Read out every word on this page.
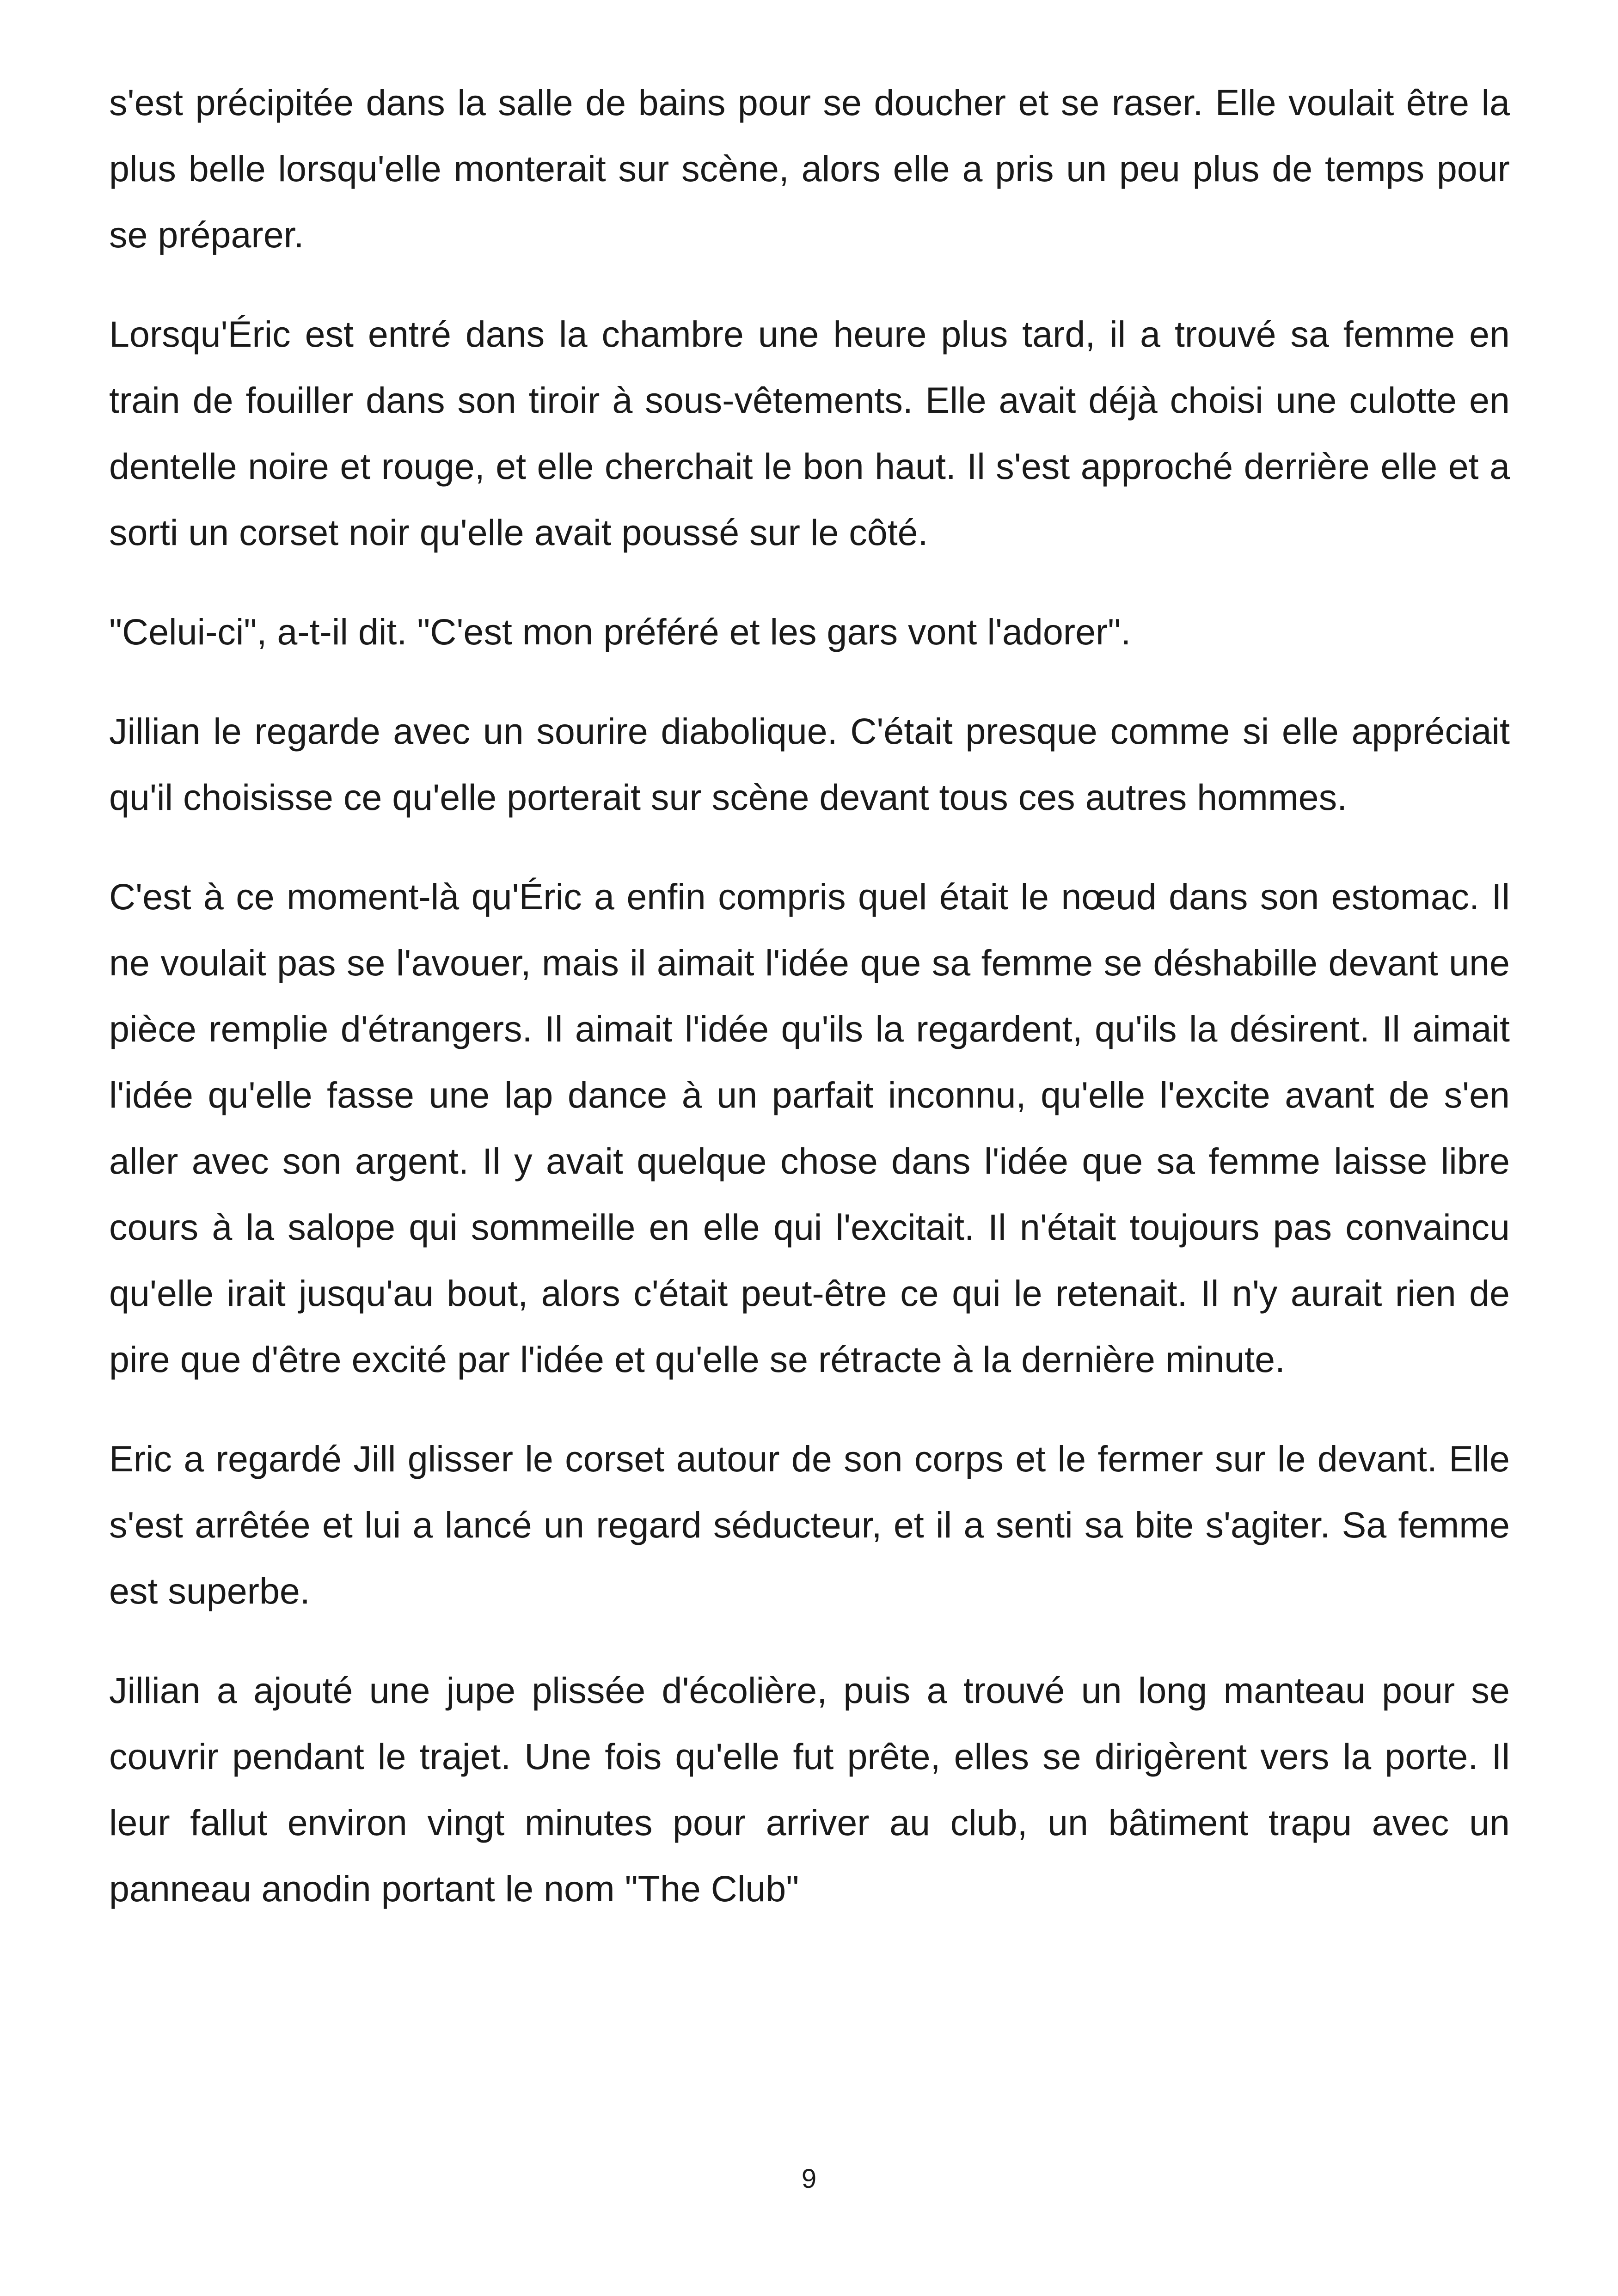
s'est précipitée dans la salle de bains pour se doucher et se raser. Elle voulait être la plus belle lorsqu'elle monterait sur scène, alors elle a pris un peu plus de temps pour se préparer.

Lorsqu'Éric est entré dans la chambre une heure plus tard, il a trouvé sa femme en train de fouiller dans son tiroir à sous-vêtements. Elle avait déjà choisi une culotte en dentelle noire et rouge, et elle cherchait le bon haut. Il s'est approché derrière elle et a sorti un corset noir qu'elle avait poussé sur le côté.

"Celui-ci", a-t-il dit. "C'est mon préféré et les gars vont l'adorer".

Jillian le regarde avec un sourire diabolique. C'était presque comme si elle appréciait qu'il choisisse ce qu'elle porterait sur scène devant tous ces autres hommes.

C'est à ce moment-là qu'Éric a enfin compris quel était le nœud dans son estomac. Il ne voulait pas se l'avouer, mais il aimait l'idée que sa femme se déshabille devant une pièce remplie d'étrangers. Il aimait l'idée qu'ils la regardent, qu'ils la désirent. Il aimait l'idée qu'elle fasse une lap dance à un parfait inconnu, qu'elle l'excite avant de s'en aller avec son argent. Il y avait quelque chose dans l'idée que sa femme laisse libre cours à la salope qui sommeille en elle qui l'excitait. Il n'était toujours pas convaincu qu'elle irait jusqu'au bout, alors c'était peut-être ce qui le retenait. Il n'y aurait rien de pire que d'être excité par l'idée et qu'elle se rétracte à la dernière minute.

Eric a regardé Jill glisser le corset autour de son corps et le fermer sur le devant. Elle s'est arrêtée et lui a lancé un regard séducteur, et il a senti sa bite s'agiter. Sa femme est superbe.

Jillian a ajouté une jupe plissée d'écolière, puis a trouvé un long manteau pour se couvrir pendant le trajet. Une fois qu'elle fut prête, elles se dirigèrent vers la porte. Il leur fallut environ vingt minutes pour arriver au club, un bâtiment trapu avec un panneau anodin portant le nom "The Club"

9
